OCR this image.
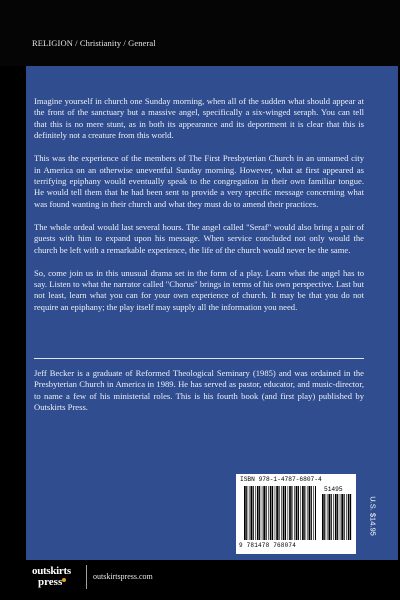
RELIGION / Christianity / General

Imagine yourself in church one Sunday morning, when all of the sudden what should appear at the front of the sanctuary but a massive angel, specifically a six-winged seraph. You can tell that this is no mere stunt, as in both its appearance and its deportment it is clear that this is definitely not a creature from this world.

This was the experience of the members of The First Presbyterian Church in an unnamed city in America on an otherwise uneventful Sunday morning. However, what at first appeared as terrifying epiphany would eventually speak to the congregation in their own familiar tongue. He would tell them that he had been sent to provide a very specific message concerning what was found wanting in their church and what they must do to amend their practices.

The whole ordeal would last several hours. The angel called "Seraf" would also bring a pair of guests with him to expand upon his message. When service concluded not only would the church be left with a remarkable experience, the life of the church would never be the same.

So, come join us in this unusual drama set in the form of a play. Learn what the angel has to say. Listen to what the narrator called "Chorus" brings in terms of his own perspective. Last but not least, learn what you can for your own experience of church. It may be that you do not require an epiphany; the play itself may supply all the information you need.

Jeff Becker is a graduate of Reformed Theological Seminary (1985) and was ordained in the Presbyterian Church in America in 1989. He has served as pastor, educator, and music-director, to name a few of his ministerial roles. This is his fourth book (and first play) published by Outskirts Press.

ISBN 978-1-4787-6807-4
51495
9 781478 768074
U.S. $14.95
outskirts
press	outskirtspress.com
